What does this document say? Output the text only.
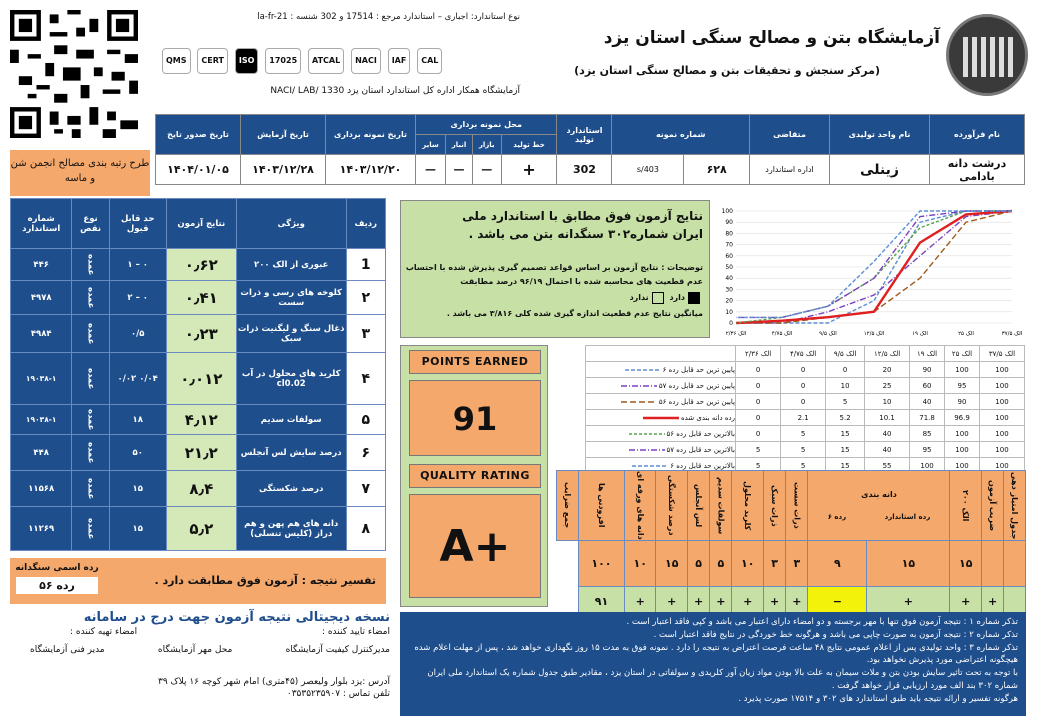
آزمایشگاه بتن و مصالح سنگی استان یزد
(مرکز سنجش و تحقیقات بتن و مصالح سنگی استان یزد)
نوع استاندارد: اجباری – استاندارد مرجع : 17514 و 302 شنسه : la-fr-21
QMS CERT ISO 17025 ATCAL NACI IAF CAL
آزمایشگاه همکار اداره کل استاندارد استان یزد NACI/ LAB/ 1330
طرح رتبه بندی مصالح انجمن شن و ماسه
نام فرآورده	نام واحد تولیدی	متقاضی	شماره نمونه		استاندارد تولید	محل نمونه برداری				تاریخ نمونه برداری	تاریخ آزمایش	تاریخ صدور تایخ
						خط تولید	بازار	انبار	سایر			
درشت دانه بادامی	زینلی	اداره استاندارد	۶۲۸	s/403	302	+	—	—	—	۱۴۰۳/۱۲/۲۰	۱۴۰۳/۱۲/۲۸	۱۴۰۴/۰۱/۰۵
ردیف	ویژگی	نتایج آزمون	حد قابل قبول	نوع نقص	شماره استاندارد
1	عبوری از الک ۲۰۰	۰٫۶۲	۰ – ۱	عمده	۴۴۶
۲	کلوخه های رسی و ذرات سست	۰٫۴۱	۰ – ۲	عمده	۴۹۷۸
۳	ذغال سنگ و لیگنیت ذرات سبک	۰٫۲۳	۰/۵	عمده	۴۹۸۴
۴	کلرید های محلول در آب cl0.02	۰٫۰۱۲	۰/۰۴ ۰/۰۲	عمده	۱۹۰۳۸-۱
۵	سولفات سدیم	۴٫۱۲	۱۸	عمده	۱۹۰۳۸-۱
۶	درصد سایش لس آنجلس	۲۱٫۲	۵۰	عمده	۴۴۸
۷	درصد شکستگی	۸٫۴	۱۵	عمده	۱۱۵۶۸
۸	دانه های هم پهن و هم دراز (کلیس تنسلی)	۵٫۲	۱۵	عمده	۱۱۲۶۹
رده اسمی سنگدانه
رده ۵۶	تفسیر نتیجه : آزمون فوق مطابقت دارد .
نتایج آزمون فوق مطابق با استاندارد ملی ایران شماره۳۰۲ سنگدانه بتن می باشد .
توضیحات : نتایج آزمون بر اساس قواعد تصمیم گیری پذیرش شده با احتساب عدم قطعیت های محاسبه شده با احتمال ۹۶/۱۹ درصد مطابقت
دارد ندارد
میانگین نتایج عدم قطعیت اندازه گیری شده کلی ۳/۸۱۶ می باشد .
POINTS EARNED
91
QUALITY RATING
A+
الک ۳۷/۵
الک ۲۵
الک ۱۹
الک ۱۲/۵
الک ۹/۵
الک ۴/۷۵
الک ۲/۳۶
0
10
20
30
40
50
60
70
80
90
100
الک ۳۷/۵	الک ۲۵	الک ۱۹	الک ۱۲/۵	الک ۹/۵	الک ۴/۷۵	الک ۲/۳۶	
100	100	90	20	0	0	0	پایین ترین حد قابل رده ۶
100	95	60	25	10	0	0	پایین ترین حد قابل رده ۵۷
100	90	40	10	5	0	0	پایین ترین حد قابل رده ۵۶
100	96.9	71.8	10.1	5.2	2.1	0	رده دانه بندی شده
100	100	85	40	15	5	0	بالاترین حد قابل رده ۵۶
100	100	95	40	15	5	5	بالاترین حد قابل رده ۵۷
100	100	100	55	15	5	5	بالاترین حد قابل رده ۶
جدول امتیاز دهی	ضریب آزمون	الک ۲۰۰	دانه بندی
رده استاندارد
رده ۶		ذرات سست	ذرات سبک	کلرید محلول	سولفات سدیم	لس آنجلس	درصد شکستگی	دانه های ورقه ای	افزودنی ها	جمع ضرایب
		۱۵	۱۵	۹	۳	۳	۱۰	۵	۵	۱۵	۱۰	۱۰۰	
	+	+	+	−	+	+	+	+	+	+	+	۹۱	
تذکر شماره ۱ : نتیجه آزمون فوق تنها با مهر برجسته و دو امضاء دارای اعتبار می باشد و کپی فاقد اعتبار است .
تذکر شماره ۲ : نتیجه آزمون به صورت چاپی می باشد و هرگونه خط خوردگی در نتایج فاقد اعتبار است .
تذکر شماره ۳ : واحد تولیدی پس از اعلام عمومی نتایج ۴۸ ساعت فرصت اعتراض به نتیجه را دارد . نمونه فوق به مدت ۱۵ روز نگهداری خواهد شد ، پس از مهلت اعلام شده هیچگونه اعتراضی مورد پذیرش نخواهد بود.
با توجه به تحت تاثیر سایش بودن بتن و ملات سیمان به علت بالا بودن مواد زیان آور کلریدی و سولفاتی در استان یزد ، مقادیر طبق جدول شماره یک استاندارد ملی ایران شماره ۳۰۲ بند الف مورد ارزیابی قرار خواهد گرفت .
هرگونه تفسیر و ارائه نتیجه باید طبق استاندارد های ۳۰۲ و ۱۷۵۱۴ صورت پذیرد .
نسخه دیجیتالی نتیجه آزمون جهت درج در سامانه
امضاء تایید کننده :
امضاء تهیه کننده :
مدیرکنترل کیفیت آزمایشگاه
محل مهر آزمایشگاه
مدیر فنی آزمایشگاه
آدرس :یزد بلوار ولیعصر (۴۵متری) امام شهر کوچه ۱۶ پلاک ۳۹
تلفن تماس : ۰۳۵۳۵۲۳۵۹۰۷
